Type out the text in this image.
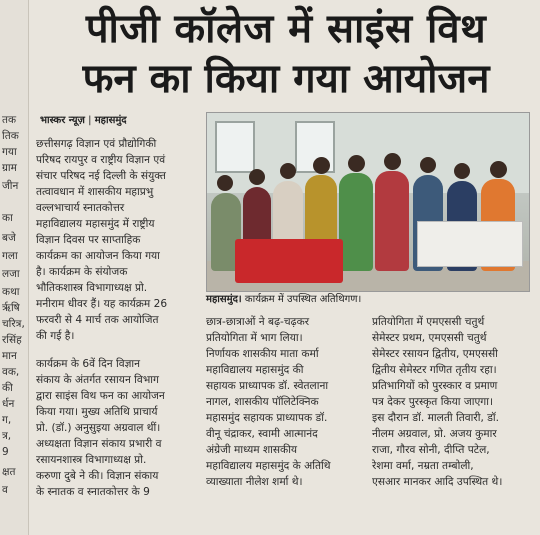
तक
तिक
गया
ग्राम
जीन
का
बजे
गला
लजा
कथा
र्ऋषि
चरित्र,
रसिंह
मान
वक,
की
र्धन
ग,
त्र,
9
क्षत
व
पीजी कॉलेज में साइंस विथ
फन का किया गया आयोजन
भास्कर न्यूज़ | महासमुंद
छत्तीसगढ़ विज्ञान एवं प्रौद्योगिकी
परिषद रायपुर व राष्ट्रीय विज्ञान एवं
संचार परिषद नई दिल्ली के संयुक्त
तत्वावधान में शासकीय महाप्रभु
वल्लभाचार्य स्नातकोत्तर
महाविद्यालय महासमुंद में राष्ट्रीय
विज्ञान दिवस पर साप्ताहिक
कार्यक्रम का आयोजन किया गया
है। कार्यक्रम के संयोजक
भौतिकशास्त्र विभागाध्यक्ष प्रो.
मनीराम धीवर हैं। यह कार्यक्रम 26
फरवरी से 4 मार्च तक आयोजित
की गई है।
महासमुंद। कार्यक्रम में उपस्थित अतिथिगण।
कार्यक्रम के 6वें दिन विज्ञान
संकाय के अंतर्गत रसायन विभाग
द्वारा साइंस विथ फन का आयोजन
किया गया। मुख्य अतिथि प्राचार्य
प्रो. (डॉ.) अनुसुइया अग्रवाल थीं।
अध्यक्षता विज्ञान संकाय प्रभारी व
रसायनशास्त्र विभागाध्यक्ष प्रो.
करुणा दुबे ने की। विज्ञान संकाय
के स्नातक व स्नातकोत्तर के 9
छात्र-छात्राओं ने बढ़-चढ़कर
प्रतियोगिता में भाग लिया।
निर्णायक शासकीय माता कर्मा
महाविद्यालय महासमुंद की
सहायक प्राध्यापक डॉ. स्वेतलाना
नागल, शासकीय पॉलिटेक्निक
महासमुंद सहायक प्राध्यापक डॉ.
वीनू चंद्राकर, स्वामी आत्मानंद
अंग्रेजी माध्यम शासकीय
महाविद्यालय महासमुंद के अतिथि
व्याख्याता नीलेश शर्मा थे।
प्रतियोगिता में एमएससी चतुर्थ
सेमेस्टर प्रथम, एमएससी चतुर्थ
सेमेस्टर रसायन द्वितीय, एमएससी
द्वितीय सेमेस्टर गणित तृतीय रहा।
प्रतिभागियों को पुरस्कार व प्रमाण
पत्र देकर पुरस्कृत किया जाएगा।
इस दौरान डॉ. मालती तिवारी, डॉ.
नीलम अग्रवाल, प्रो. अजय कुमार
राजा, गौरव सोनी, दीप्ति पटेल,
रेशमा वर्मा, नम्रता तम्बोली,
एसआर मानकर आदि उपस्थित थे।
